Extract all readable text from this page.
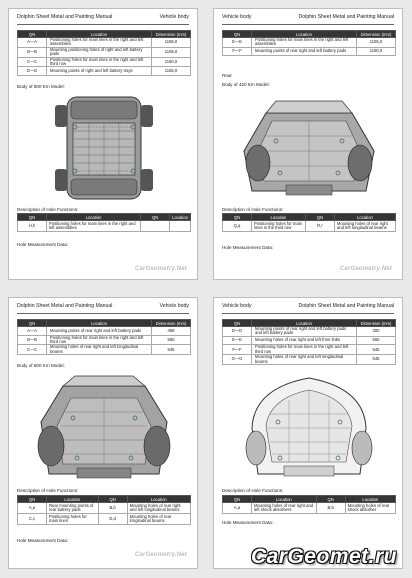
Dolphin Sheet Metal and Painting Manual	Vehicle body
QN	Location	Dimension (mm)
A—A	Positioning holes for main lines in the right and left assemblies	1156,0
B—B	Mounting positioning holes of right and left battery pads	1155,0
C—C	Positioning holes for main lines in the right and left third row	1150,0
D—D	Mounting points of right and left battery trays	1156,0
Body of 800 Km Model:
Description of Hole Functions:
QN	Location	QN	Location
H,h	Positioning holes for main lines in the right and left assemblies		
Hole Measurement Data:
CarGeometry.Net
Vehicle body	Dolphin Sheet Metal and Painting Manual
QN	Location	Dimension (mm)
E—E	Positioning holes for main lines in the right and left assemblies	1155,0
F—F	Mounting points of rear right and left battery pads	1150,0
Rear
Body of 420 Km Model:
Description of Hole Functions:
QN	Location	QN	Location
Q,q	Positioning holes for main lines in the third row	R,r	Mounting holes of rear right and left longitudinal beams
Hole Measurement Data:
CarGeometry.Net
Dolphin Sheet Metal and Painting Manual	Vehicle body
QN	Location	Dimension (mm)
A—A	Mounting points of rear right and left battery pads	458
B—B	Positioning holes for main lines in the right and left third row	560
C—C	Mounting holes of rear right and left longitudinal beams	545
Body of 800 Km Model:
Description of Hole Functions:
QN	Location	QN	Location
A,a	Rear mounting points of rear battery pads	B,b	Mounting holes of rear right and left longitudinal beams
C,c	Positioning holes for main lines	D,d	Mounting holes of rear longitudinal beams
Hole Measurement Data:
CarGeometry.Net
Vehicle body	Dolphin Sheet Metal and Painting Manual
QN	Location	Dimension (mm)
D—D	Mounting points of rear right and left battery pads and left battery pads	300
E—E	Mounting holes of rear right and left front links	560
F—F	Positioning holes for main lines in the right and left third row	545
G—G	Mounting holes of rear right and left longitudinal beams	545
Description of Hole Functions:
QN	Location	QN	Location
A,a	Mounting holes of rear right and left shock absorbers	B,b	Mounting holes of rear shock absorber
Hole Measurement Data:
CarGeomet.ru
